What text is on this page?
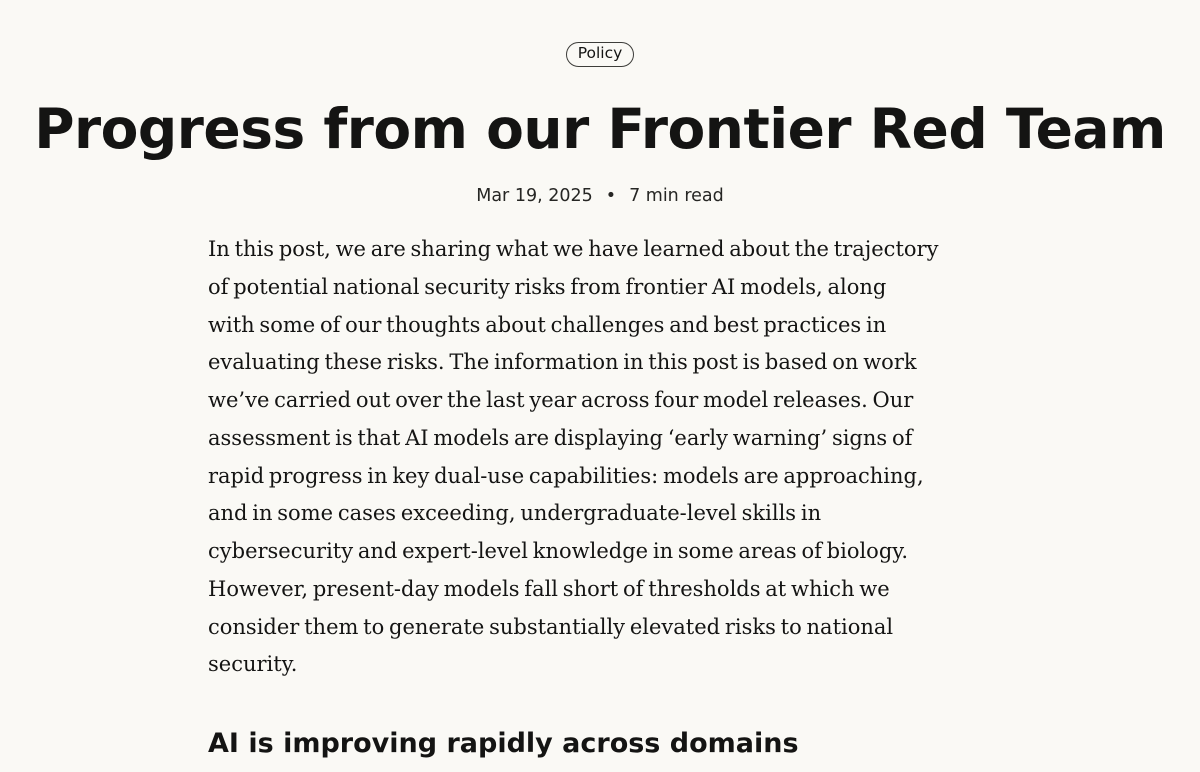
Policy
Progress from our Frontier Red Team
Mar 19, 2025 • 7 min read

In this post, we are sharing what we have learned about the trajectory
of potential national security risks from frontier AI models, along
with some of our thoughts about challenges and best practices in
evaluating these risks. The information in this post is based on work
we’ve carried out over the last year across four model releases. Our
assessment is that AI models are displaying ‘early warning’ signs of
rapid progress in key dual-use capabilities: models are approaching,
and in some cases exceeding, undergraduate-level skills in
cybersecurity and expert-level knowledge in some areas of biology.
However, present-day models fall short of thresholds at which we
consider them to generate substantially elevated risks to national
security.

AI is improving rapidly across domains
